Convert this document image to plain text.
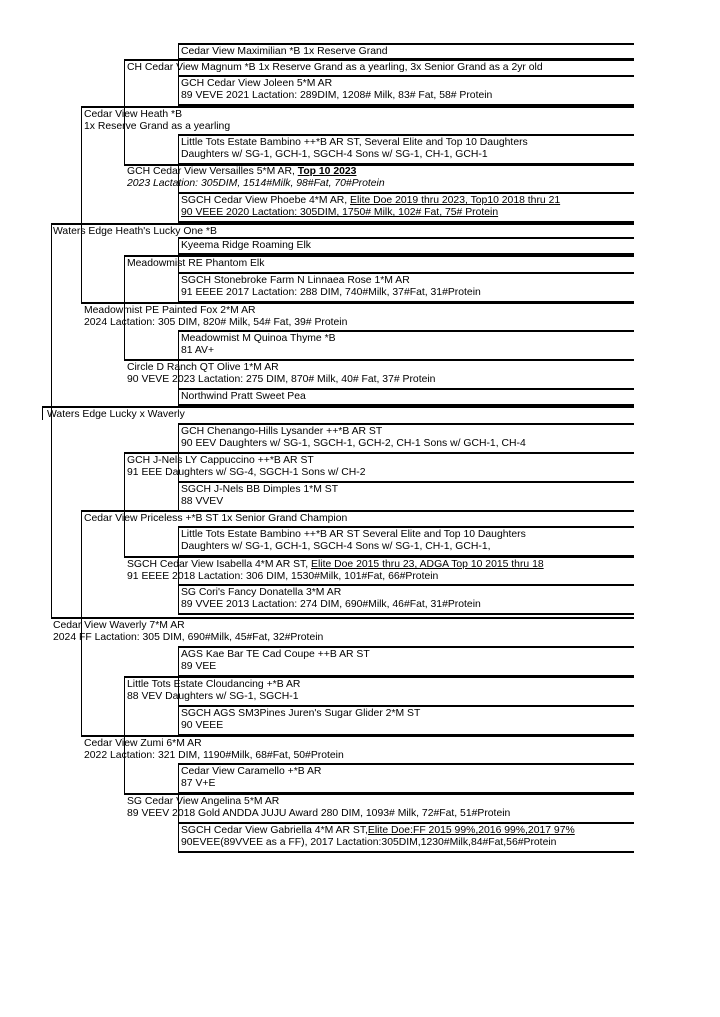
Cedar View Maximilian *B 1x Reserve Grand
GCH Cedar View Joleen 5*M AR
89 VEVE 2021 Lactation: 289DIM, 1208# Milk, 83# Fat, 58# Protein
Little Tots Estate Bambino ++*B AR ST, Several Elite and Top 10 Daughters
Daughters w/ SG-1, GCH-1, SGCH-4 Sons w/ SG-1, CH-1, GCH-1
SGCH Cedar View Phoebe 4*M AR, Elite Doe 2019 thru 2023, Top10 2018 thru 21
90 VEEE 2020 Lactation: 305DIM, 1750# Milk, 102# Fat, 75# Protein
Kyeema Ridge Roaming Elk
SGCH Stonebroke Farm N Linnaea Rose 1*M AR
91 EEEE 2017 Lactation: 288 DIM, 740#Milk, 37#Fat, 31#Protein
Meadowmist M Quinoa Thyme *B
81 AV+
Northwind Pratt Sweet Pea
GCH Chenango-Hills Lysander ++*B AR ST
90 EEV Daughters w/ SG-1, SGCH-1, GCH-2, CH-1 Sons w/ GCH-1, CH-4
SGCH J-Nels BB Dimples 1*M ST
88 VVEV
Little Tots Estate Bambino ++*B AR ST Several Elite and Top 10 Daughters
Daughters w/ SG-1, GCH-1, SGCH-4 Sons w/ SG-1, CH-1, GCH-1,
SG Cori's Fancy Donatella 3*M AR
89 VVEE 2013 Lactation: 274 DIM, 690#Milk, 46#Fat, 31#Protein
AGS Kae Bar TE Cad Coupe ++B AR ST
89 VEE
SGCH AGS SM3Pines Juren's Sugar Glider 2*M ST
90 VEEE
Cedar View Caramello +*B AR
87 V+E
SGCH Cedar View Gabriella 4*M AR ST,Elite Doe:FF 2015 99%,2016 99%,2017 97%
90EVEE(89VVEE as a FF), 2017 Lactation:305DIM,1230#Milk,84#Fat,56#Protein
CH Cedar View Magnum *B 1x Reserve Grand as a yearling, 3x Senior Grand as a 2yr old
GCH Cedar View Versailles 5*M AR, Top 10 2023
2023 Lactation: 305DIM, 1514#Milk, 98#Fat, 70#Protein
Meadowmist RE Phantom Elk
Circle D Ranch QT Olive 1*M AR
90 VEVE 2023 Lactation: 275 DIM, 870# Milk, 40# Fat, 37# Protein
GCH J-Nels LY Cappuccino ++*B AR ST
91 EEE Daughters w/ SG-4, SGCH-1 Sons w/ CH-2
SGCH Cedar View Isabella 4*M AR ST, Elite Doe 2015 thru 23, ADGA Top 10 2015 thru 18
91 EEEE 2018 Lactation: 306 DIM, 1530#Milk, 101#Fat, 66#Protein
Little Tots Estate Cloudancing +*B AR
88 VEV Daughters w/ SG-1, SGCH-1
SG Cedar View Angelina 5*M AR
89 VEEV 2018 Gold ANDDA JUJU Award 280 DIM, 1093# Milk, 72#Fat, 51#Protein
Cedar View Heath *B
1x Reserve Grand as a yearling
Meadowmist PE Painted Fox 2*M AR
2024 Lactation: 305 DIM, 820# Milk, 54# Fat, 39# Protein
Cedar View Priceless +*B ST 1x Senior Grand Champion
Cedar View Zumi 6*M AR
2022 Lactation: 321 DIM, 1190#Milk, 68#Fat, 50#Protein
Waters Edge Heath's Lucky One *B
Cedar View Waverly 7*M AR
2024 FF Lactation: 305 DIM, 690#Milk, 45#Fat, 32#Protein
Waters Edge Lucky x Waverly
